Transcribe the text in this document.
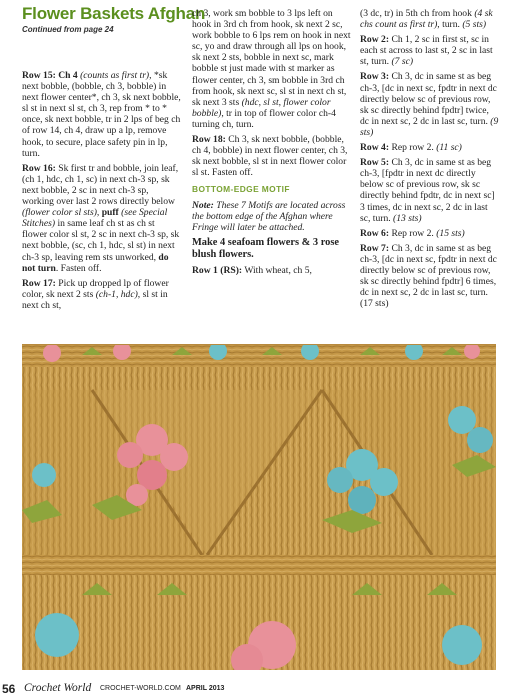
Flower Baskets Afghan
Continued from page 24

Row 15: Ch 4 (counts as first tr), *sk next bobble, (bobble, ch 3, bobble) in next flower center*, ch 3, sk next bobble, sl st in next sl st, ch 3, rep from * to * once, sk next bobble, tr in 2 lps of beg ch of row 14, ch 4, draw up a lp, remove hook, to secure, place safety pin in lp, turn.

Row 16: Sk first tr and bobble, join leaf, (ch 1, hdc, ch 1, sc) in next ch-3 sp, sk next bobble, 2 sc in next ch-3 sp, working over last 2 rows directly below (flower color sl sts), puff (see Special Stitches) in same leaf ch st as ch st flower color sl st, 2 sc in next ch-3 sp, sk next bobble, (sc, ch 1, hdc, sl st) in next ch-3 sp, leaving rem sts unworked, do not turn. Fasten off.

Row 17: Pick up dropped lp of flower color, sk next 2 sts (ch-1, hdc), sl st in next ch st,

ch 3, work sm bobble to 3 lps left on hook in 3rd ch from hook, sk next 2 sc, work bobble to 6 lps rem on hook in next sc, yo and draw through all lps on hook, sk next 2 sts, bobble in next sc, mark bobble st just made with st marker as flower center, ch 3, sm bobble in 3rd ch from hook, sk next sc, sl st in next ch st, sk next 3 sts (hdc, sl st, flower color bobble), tr in top of flower color ch-4 turning ch, turn.

Row 18: Ch 3, sk next bobble, (bobble, ch 4, bobble) in next flower center, ch 3, sk next bobble, sl st in next flower color sl st. Fasten off.

BOTTOM-EDGE MOTIF

Note: These 7 Motifs are located across the bottom edge of the Afghan where Fringe will later be attached.

Make 4 seafoam flowers & 3 rose blush flowers.

Row 1 (RS): With wheat, ch 5,

(3 dc, tr) in 5th ch from hook (4 sk chs count as first tr), turn. (5 sts)

Row 2: Ch 1, 2 sc in first st, sc in each st across to last st, 2 sc in last st, turn. (7 sc)

Row 3: Ch 3, dc in same st as beg ch-3, [dc in next sc, fpdtr in next dc directly below sc of previous row, sk sc directly behind fpdtr] twice, dc in next sc, 2 dc in last sc, turn. (9 sts)

Row 4: Rep row 2. (11 sc)

Row 5: Ch 3, dc in same st as beg ch-3, [fpdtr in next dc directly below sc of previous row, sk sc directly behind fpdtr, dc in next sc] 3 times, dc in next sc, 2 dc in last sc, turn. (13 sts)

Row 6: Rep row 2. (15 sts)

Row 7: Ch 3, dc in same st as beg ch-3, [dc in next sc, fpdtr in next dc directly below sc of previous row, sk sc directly behind fpdtr] 6 times, dc in next sc, 2 dc in last sc, turn. (17 sts)

56 Crochet World CROCHET-WORLD.COM APRIL 2013
